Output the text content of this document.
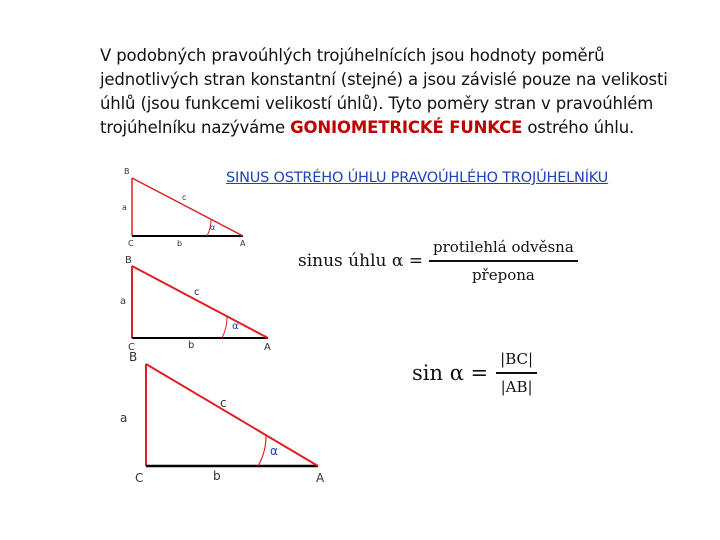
V podobných pravoúhlých trojúhelnících jsou hodnoty poměrů jednotlivých stran konstantní (stejné) a jsou závislé pouze na velikosti úhlů (jsou funkcemi velikostí úhlů). Tyto poměry stran v pravoúhlém trojúhelníku nazýváme GONIOMETRICKÉ FUNKCE ostrého úhlu.
SINUS OSTRÉHO ÚHLU PRAVOÚHLÉHO TROJÚHELNÍKU
B
a
c
α
C	b	A
B
a
c
α
C	b	A
B
a
c
α
C	b	A
sinus úhlu $\alpha = \frac{\text{protilehlá odvěsna}}{\text{přepona}}$
$\sin \alpha = \frac{|BC|}{|AB|}$
